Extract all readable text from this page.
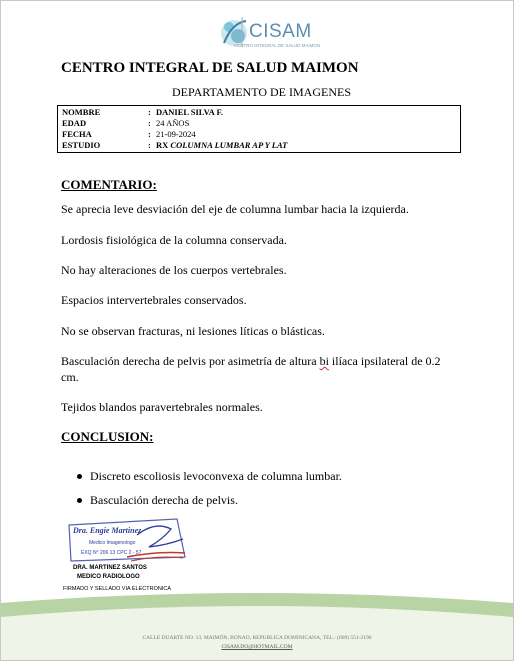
CISAM
CENTRO INTEGRAL DE SALUD MAIMON
CENTRO INTEGRAL DE SALUD MAIMON
DEPARTAMENTO DE IMAGENES
NOMBRE	: DANIEL SILVA F.
EDAD	: 24 AÑOS
FECHA	: 21-09-2024
ESTUDIO	: RX COLUMNA LUMBAR AP Y LAT
COMENTARIO:
Se aprecia leve desviación del eje de columna lumbar hacia la izquierda.
Lordosis fisiológica de la columna conservada.
No hay alteraciones de los cuerpos vertebrales.
Espacios intervertebrales conservados.
No se observan fracturas, ni lesiones líticas o blásticas.
Basculación derecha de pelvis por asimetría de altura bi ilíaca ipsilateral de 0.2 cm.
Tejidos blandos paravertebrales normales.
CONCLUSION:
Discreto escoliosis levoconvexa de columna lumbar.
Basculación derecha de pelvis.
Dra. Engie Martinez
Medico Imagenologo
EXQ N° 206 13 CPC 2 - 57
DRA. MARTINEZ SANTOS
MEDICO RADIOLOGO
FIRMADO Y SELLADO VIA ELECTRONICA
CALLE DUARTE NO. 13, MAIMÓN, BONAO, REPUBLICA DOMINICANA, TEL.: (809) 551-2196
CISAM.DO@HOTMAIL.COM
